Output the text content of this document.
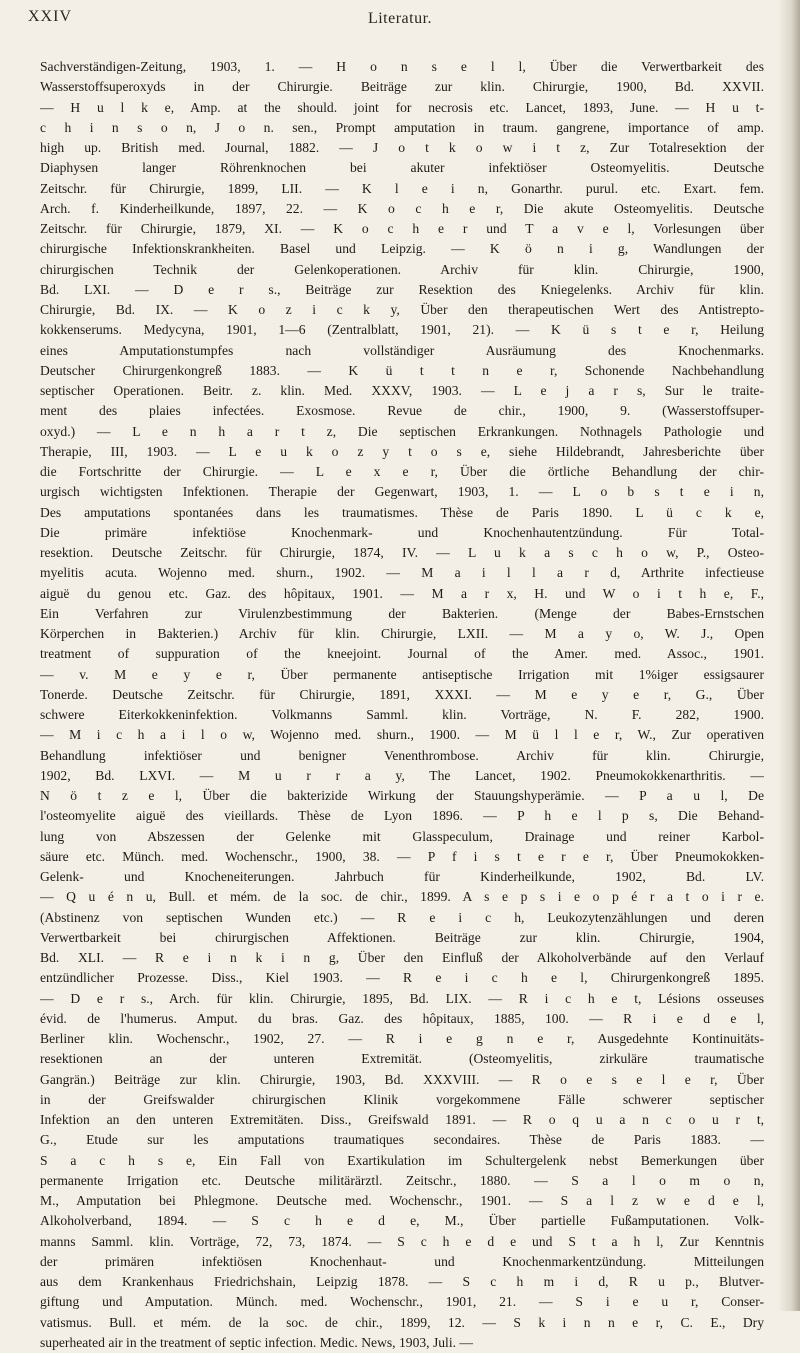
XXIV	Literatur.
Sachverständigen-Zeitung, 1903, 1. — H o n s e l l, Über die Verwertbarkeit des
Wasserstoffsuperoxyds in der Chirurgie. Beiträge zur klin. Chirurgie, 1900, Bd. XXVII.
— H u l k e, Amp. at the should. joint for necrosis etc. Lancet, 1893, June. — H u t-
c h i n s o n, J o n. sen., Prompt amputation in traum. gangrene, importance of amp.
high up. British med. Journal, 1882. — J o t k o w i t z, Zur Totalresektion der
Diaphysen langer Röhrenknochen bei akuter infektiöser Osteomyelitis. Deutsche
Zeitschr. für Chirurgie, 1899, LII. — K l e i n, Gonarthr. purul. etc. Exart. fem.
Arch. f. Kinderheilkunde, 1897, 22. — K o c h e r, Die akute Osteomyelitis. Deutsche
Zeitschr. für Chirurgie, 1879, XI. — K o c h e r und T a v e l, Vorlesungen über
chirurgische Infektionskrankheiten. Basel und Leipzig. — K ö n i g, Wandlungen der
chirurgischen Technik der Gelenkoperationen. Archiv für klin. Chirurgie, 1900,
Bd. LXI. — D e r s., Beiträge zur Resektion des Kniegelenks. Archiv für klin.
Chirurgie, Bd. IX. — K o z i c k y, Über den therapeutischen Wert des Antistrepto-
kokkenserums. Medycyna, 1901, 1—6 (Zentralblatt, 1901, 21). — K ü s t e r, Heilung
eines Amputationstumpfes nach vollständiger Ausräumung des Knochenmarks.
Deutscher Chirurgenkongreß 1883. — K ü t t n e r, Schonende Nachbehandlung
septischer Operationen. Beitr. z. klin. Med. XXXV, 1903. — L e j a r s, Sur le traite-
ment des plaies infectées. Exosmose. Revue de chir., 1900, 9. (Wasserstoffsuper-
oxyd.) — L e n h a r t z, Die septischen Erkrankungen. Nothnagels Pathologie und
Therapie, III, 1903. — L e u k o z y t o s e, siehe Hildebrandt, Jahresberichte über
die Fortschritte der Chirurgie. — L e x e r, Über die örtliche Behandlung der chir-
urgisch wichtigsten Infektionen. Therapie der Gegenwart, 1903, 1. — L o b s t e i n,
Des amputations spontanées dans les traumatismes. Thèse de Paris 1890. L ü c k e,
Die primäre infektiöse Knochenmark- und Knochenhautentzündung. Für Total-
resektion. Deutsche Zeitschr. für Chirurgie, 1874, IV. — L u k a s c h o w, P., Osteo-
myelitis acuta. Wojenno med. shurn., 1902. — M a i l l a r d, Arthrite infectieuse
aiguë du genou etc. Gaz. des hôpitaux, 1901. — M a r x, H. und W o i t h e, F.,
Ein Verfahren zur Virulenzbestimmung der Bakterien. (Menge der Babes-Ernstschen
Körperchen in Bakterien.) Archiv für klin. Chirurgie, LXII. — M a y o, W. J., Open
treatment of suppuration of the kneejoint. Journal of the Amer. med. Assoc., 1901.
— v. M e y e r, Über permanente antiseptische Irrigation mit 1%iger essigsaurer
Tonerde. Deutsche Zeitschr. für Chirurgie, 1891, XXXI. — M e y e r, G., Über
schwere Eiterkokkeninfektion. Volkmanns Samml. klin. Vorträge, N. F. 282, 1900.
— M i c h a i l o w, Wojenno med. shurn., 1900. — M ü l l e r, W., Zur operativen
Behandlung infektiöser und benigner Venenthrombose. Archiv für klin. Chirurgie,
1902, Bd. LXVI. — M u r r a y, The Lancet, 1902. Pneumokokkenarthritis. —
N ö t z e l, Über die bakterizide Wirkung der Stauungshyperämie. — P a u l, De
l'osteomyelite aiguë des vieillards. Thèse de Lyon 1896. — P h e l p s, Die Behand-
lung von Abszessen der Gelenke mit Glasspeculum, Drainage und reiner Karbol-
säure etc. Münch. med. Wochenschr., 1900, 38. — P f i s t e r e r, Über Pneumokokken-
Gelenk- und Knocheneiterungen. Jahrbuch für Kinderheilkunde, 1902, Bd. LV.
— Q u é n u, Bull. et mém. de la soc. de chir., 1899. A s e p s i e o p é r a t o i r e.
(Abstinenz von septischen Wunden etc.) — R e i c h, Leukozytenzählungen und deren
Verwertbarkeit bei chirurgischen Affektionen. Beiträge zur klin. Chirurgie, 1904,
Bd. XLI. — R e i n k i n g, Über den Einfluß der Alkoholverbände auf den Verlauf
entzündlicher Prozesse. Diss., Kiel 1903. — R e i c h e l, Chirurgenkongreß 1895.
— D e r s., Arch. für klin. Chirurgie, 1895, Bd. LIX. — R i c h e t, Lésions osseuses
évid. de l'humerus. Amput. du bras. Gaz. des hôpitaux, 1885, 100. — R i e d e l,
Berliner klin. Wochenschr., 1902, 27. — R i e g n e r, Ausgedehnte Kontinuitäts-
resektionen an der unteren Extremität. (Osteomyelitis, zirkuläre traumatische
Gangrän.) Beiträge zur klin. Chirurgie, 1903, Bd. XXXVIII. — R o e s e l e r, Über
in der Greifswalder chirurgischen Klinik vorgekommene Fälle schwerer septischer
Infektion an den unteren Extremitäten. Diss., Greifswald 1891. — R o q u a n c o u r t,
G., Etude sur les amputations traumatiques secondaires. Thèse de Paris 1883. —
S a c h s e, Ein Fall von Exartikulation im Schultergelenk nebst Bemerkungen über
permanente Irrigation etc. Deutsche militärärztl. Zeitschr., 1880. — S a l o m o n,
M., Amputation bei Phlegmone. Deutsche med. Wochenschr., 1901. — S a l z w e d e l,
Alkoholverband, 1894. — S c h e d e, M., Über partielle Fußamputationen. Volk-
manns Samml. klin. Vorträge, 72, 73, 1874. — S c h e d e und S t a h l, Zur Kenntnis
der primären infektiösen Knochenhaut- und Knochenmarkentzündung. Mitteilungen
aus dem Krankenhaus Friedrichshain, Leipzig 1878. — S c h m i d, R u p., Blutver-
giftung und Amputation. Münch. med. Wochenschr., 1901, 21. — S i e u r, Conser-
vatismus. Bull. et mém. de la soc. de chir., 1899, 12. — S k i n n e r, C. E., Dry
superheated air in the treatment of septic infection. Medic. News, 1903, Juli. —
